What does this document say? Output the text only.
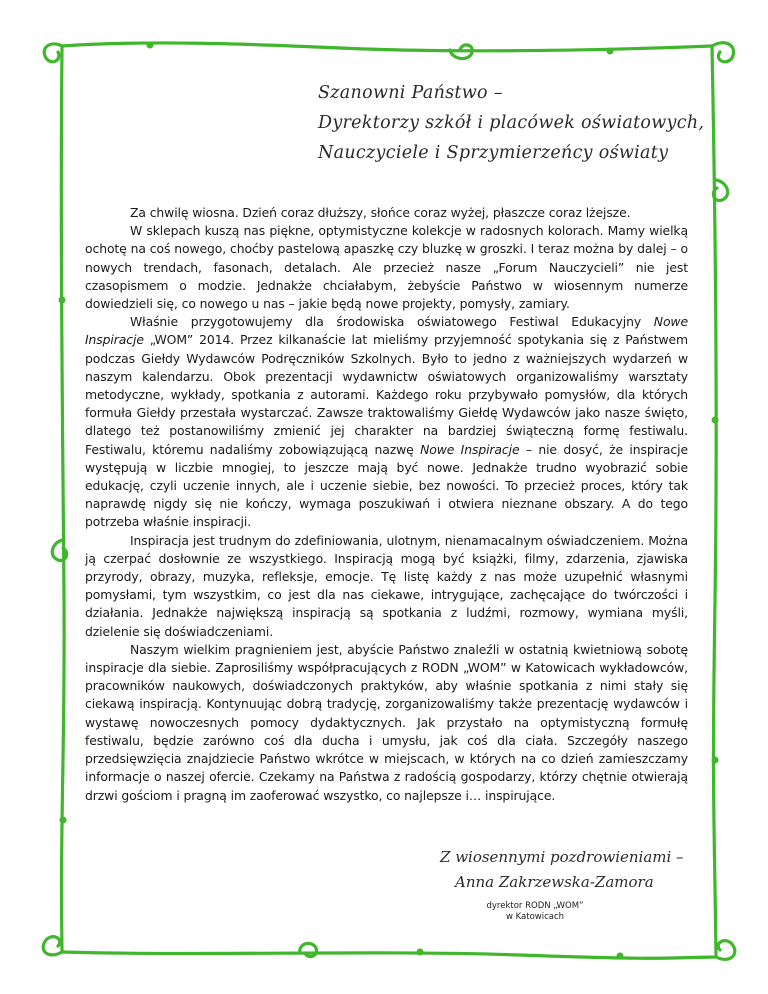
Szanowni Państwo –
Dyrektorzy szkół i placówek oświatowych,
Nauczyciele i Sprzymierzeńcy oświaty

Za chwilę wiosna. Dzień coraz dłuższy, słońce coraz wyżej, płaszcze coraz lżejsze.

W sklepach kuszą nas piękne, optymistyczne kolekcje w radosnych kolorach. Mamy wielką ochotę na coś nowego, choćby pastelową apaszkę czy bluzkę w groszki. I teraz można by dalej – o nowych trendach, fasonach, detalach. Ale przecież nasze „Forum Nauczycieli” nie jest czasopismem o modzie. Jednakże chciałabym, żebyście Państwo w wiosennym numerze dowiedzieli się, co nowego u nas – jakie będą nowe projekty, pomysły, zamiary.

Właśnie przygotowujemy dla środowiska oświatowego Festiwal Edukacyjny Nowe Inspiracje „WOM” 2014. Przez kilkanaście lat mieliśmy przyjemność spotykania się z Państwem podczas Giełdy Wydawców Podręczników Szkolnych. Było to jedno z ważniejszych wydarzeń w naszym kalendarzu. Obok prezentacji wydawnictw oświatowych organizowaliśmy warsztaty metodyczne, wykłady, spotkania z autorami. Każdego roku przybywało pomysłów, dla których formuła Giełdy przestała wystarczać. Zawsze traktowaliśmy Giełdę Wydawców jako nasze święto, dlatego też postanowiliśmy zmienić jej charakter na bardziej świąteczną formę festiwalu. Festiwalu, któremu nadaliśmy zobowiązującą nazwę Nowe Inspiracje – nie dosyć, że inspiracje występują w liczbie mnogiej, to jeszcze mają być nowe. Jednakże trudno wyobrazić sobie edukację, czyli uczenie innych, ale i uczenie siebie, bez nowości. To przecież proces, który tak naprawdę nigdy się nie kończy, wymaga poszukiwań i otwiera nieznane obszary. A do tego potrzeba właśnie inspiracji.

Inspiracja jest trudnym do zdefiniowania, ulotnym, nienamacalnym oświadczeniem. Można ją czerpać dosłownie ze wszystkiego. Inspiracją mogą być książki, filmy, zdarzenia, zjawiska przyrody, obrazy, muzyka, refleksje, emocje. Tę listę każdy z nas może uzupełnić własnymi pomysłami, tym wszystkim, co jest dla nas ciekawe, intrygujące, zachęcające do twórczości i działania. Jednakże największą inspiracją są spotkania z ludźmi, rozmowy, wymiana myśli, dzielenie się doświadczeniami.

Naszym wielkim pragnieniem jest, abyście Państwo znaleźli w ostatnią kwietniową sobotę inspiracje dla siebie. Zaprosiliśmy współpracujących z RODN „WOM” w Katowicach wykładowców, pracowników naukowych, doświadczonych praktyków, aby właśnie spotkania z nimi stały się ciekawą inspiracją. Kontynuując dobrą tradycję, zorganizowaliśmy także prezentację wydawców i wystawę nowoczesnych pomocy dydaktycznych. Jak przystało na optymistyczną formułę festiwalu, będzie zarówno coś dla ducha i umysłu, jak coś dla ciała. Szczegóły naszego przedsięwzięcia znajdziecie Państwo wkrótce w miejscach, w których na co dzień zamieszczamy informacje o naszej ofercie. Czekamy na Państwa z radością gospodarzy, którzy chętnie otwierają drzwi gościom i pragną im zaoferować wszystko, co najlepsze i… inspirujące.

Z wiosennymi pozdrowieniami –
Anna Zakrzewska-Zamora
dyrektor RODN „WOM”
w Katowicach
